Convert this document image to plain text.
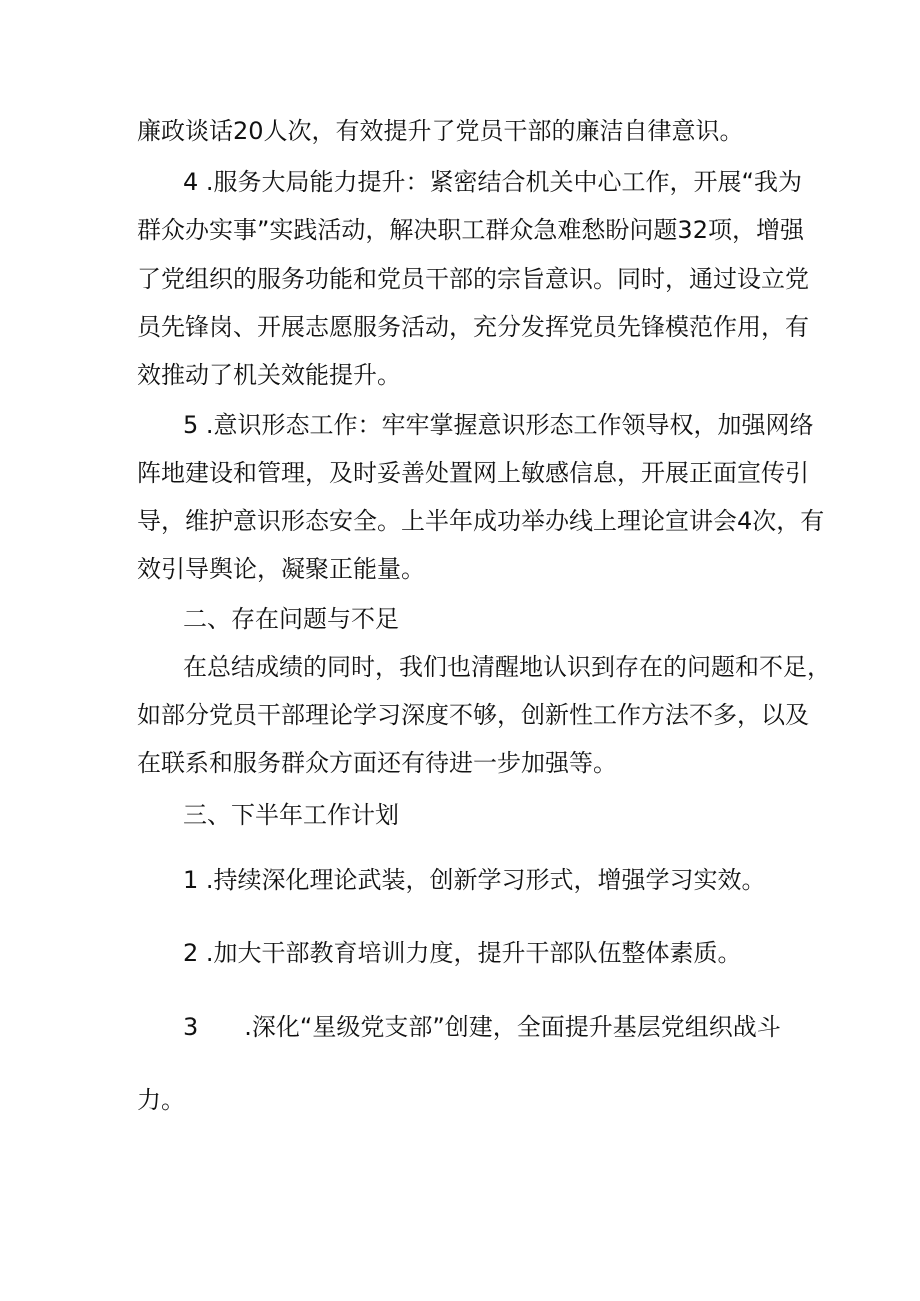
廉政谈话20人次，有效提升了党员干部的廉洁自律意识。
4 .服务大局能力提升：紧密结合机关中心工作，开展“我为
群众办实事”实践活动，解决职工群众急难愁盼问题32项，增强
了党组织的服务功能和党员干部的宗旨意识。同时，通过设立党
员先锋岗、开展志愿服务活动，充分发挥党员先锋模范作用，有
效推动了机关效能提升。
5 .意识形态工作：牢牢掌握意识形态工作领导权，加强网络
阵地建设和管理，及时妥善处置网上敏感信息，开展正面宣传引
导，维护意识形态安全。上半年成功举办线上理论宣讲会4次，有
效引导舆论，凝聚正能量。
二、存在问题与不足
在总结成绩的同时，我们也清醒地认识到存在的问题和不足，
如部分党员干部理论学习深度不够，创新性工作方法不多，以及
在联系和服务群众方面还有待进一步加强等。
三、下半年工作计划
1 .持续深化理论武装，创新学习形式，增强学习实效。
2 .加大干部教育培训力度，提升干部队伍整体素质。
3 .深化“星级党支部”创建，全面提升基层党组织战斗
力。
